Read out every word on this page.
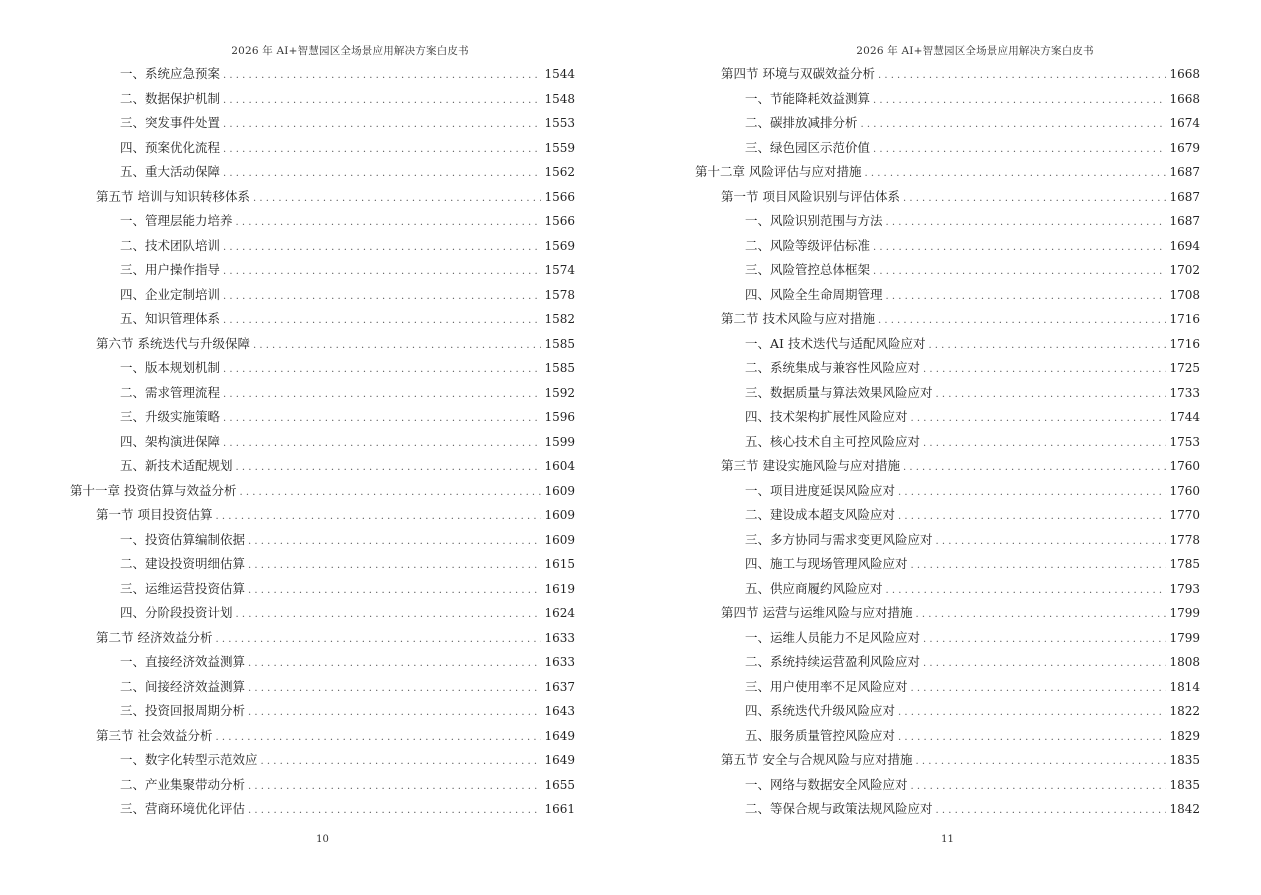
2026 年 AI+智慧园区全场景应用解决方案白皮书
一、系统应急预案 . . .	1544
二、数据保护机制 . . .	1548
三、突发事件处置 . . .	1553
四、预案优化流程 . . .	1559
五、重大活动保障 . . .	1562
第五节 培训与知识转移体系 . . .	1566
一、管理层能力培养 . . .	1566
二、技术团队培训 . . .	1569
三、用户操作指导 . . .	1574
四、企业定制培训 . . .	1578
五、知识管理体系 . . .	1582
第六节 系统迭代与升级保障 . . .	1585
一、版本规划机制 . . .	1585
二、需求管理流程 . . .	1592
三、升级实施策略 . . .	1596
四、架构演进保障 . . .	1599
五、新技术适配规划 . . .	1604
第十一章 投资估算与效益分析 . . .	1609
第一节 项目投资估算 . . .	1609
一、投资估算编制依据 . . .	1609
二、建设投资明细估算 . . .	1615
三、运维运营投资估算 . . .	1619
四、分阶段投资计划 . . .	1624
第二节 经济效益分析 . . .	1633
一、直接经济效益测算 . . .	1633
二、间接经济效益测算 . . .	1637
三、投资回报周期分析 . . .	1643
第三节 社会效益分析 . . .	1649
一、数字化转型示范效应 . . .	1649
二、产业集聚带动分析 . . .	1655
三、营商环境优化评估 . . .	1661
10
2026 年 AI+智慧园区全场景应用解决方案白皮书
第四节 环境与双碳效益分析 . . .	1668
一、节能降耗效益测算 . . .	1668
二、碳排放减排分析 . . .	1674
三、绿色园区示范价值 . . .	1679
第十二章 风险评估与应对措施 . . .	1687
第一节 项目风险识别与评估体系 . . .	1687
一、风险识别范围与方法 . . .	1687
二、风险等级评估标准 . . .	1694
三、风险管控总体框架 . . .	1702
四、风险全生命周期管理 . . .	1708
第二节 技术风险与应对措施 . . .	1716
一、AI 技术迭代与适配风险应对 . . .	1716
二、系统集成与兼容性风险应对 . . .	1725
三、数据质量与算法效果风险应对 . . .	1733
四、技术架构扩展性风险应对 . . .	1744
五、核心技术自主可控风险应对 . . .	1753
第三节 建设实施风险与应对措施 . . .	1760
一、项目进度延误风险应对 . . .	1760
二、建设成本超支风险应对 . . .	1770
三、多方协同与需求变更风险应对 . . .	1778
四、施工与现场管理风险应对 . . .	1785
五、供应商履约风险应对 . . .	1793
第四节 运营与运维风险与应对措施 . . .	1799
一、运维人员能力不足风险应对 . . .	1799
二、系统持续运营盈利风险应对 . . .	1808
三、用户使用率不足风险应对 . . .	1814
四、系统迭代升级风险应对 . . .	1822
五、服务质量管控风险应对 . . .	1829
第五节 安全与合规风险与应对措施 . . .	1835
一、网络与数据安全风险应对 . . .	1835
二、等保合规与政策法规风险应对 . . .	1842
11
